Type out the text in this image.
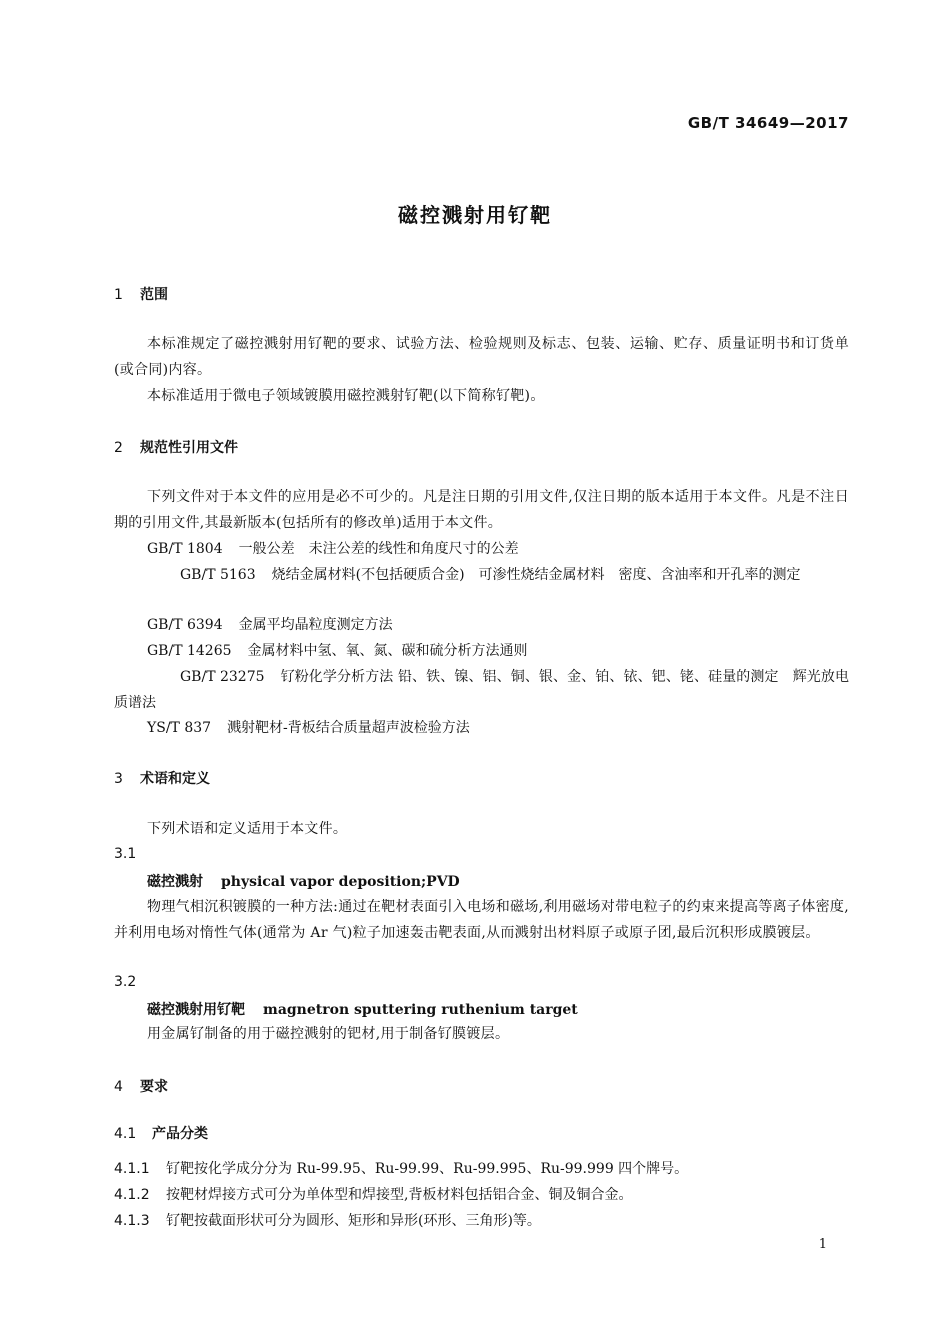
GB/T 34649—2017
磁控溅射用钌靶
1 范围
本标准规定了磁控溅射用钌靶的要求、试验方法、检验规则及标志、包装、运输、贮存、质量证明书和订货单(或合同)内容。
本标准适用于微电子领域镀膜用磁控溅射钌靶(以下简称钌靶)。
2 规范性引用文件
下列文件对于本文件的应用是必不可少的。凡是注日期的引用文件,仅注日期的版本适用于本文件。凡是不注日期的引用文件,其最新版本(包括所有的修改单)适用于本文件。
GB/T 1804 一般公差　未注公差的线性和角度尺寸的公差
GB/T 5163 烧结金属材料(不包括硬质合金)　可渗性烧结金属材料　密度、含油率和开孔率的测定
GB/T 6394 金属平均晶粒度测定方法
GB/T 14265 金属材料中氢、氧、氮、碳和硫分析方法通则
GB/T 23275 钌粉化学分析方法 铅、铁、镍、铝、铜、银、金、铂、铱、钯、铑、硅量的测定　辉光放电质谱法
YS/T 837 溅射靶材-背板结合质量超声波检验方法
3 术语和定义
下列术语和定义适用于本文件。
3.1
磁控溅射 physical vapor deposition;PVD
物理气相沉积镀膜的一种方法:通过在靶材表面引入电场和磁场,利用磁场对带电粒子的约束来提高等离子体密度,并利用电场对惰性气体(通常为 Ar 气)粒子加速轰击靶表面,从而溅射出材料原子或原子团,最后沉积形成膜镀层。
3.2
磁控溅射用钌靶 magnetron sputtering ruthenium target
用金属钌制备的用于磁控溅射的钯材,用于制备钌膜镀层。
4 要求
4.1 产品分类
4.1.1 钌靶按化学成分分为 Ru-99.95、Ru-99.99、Ru-99.995、Ru-99.999 四个牌号。
4.1.2 按靶材焊接方式可分为单体型和焊接型,背板材料包括铝合金、铜及铜合金。
4.1.3 钌靶按截面形状可分为圆形、矩形和异形(环形、三角形)等。
1
